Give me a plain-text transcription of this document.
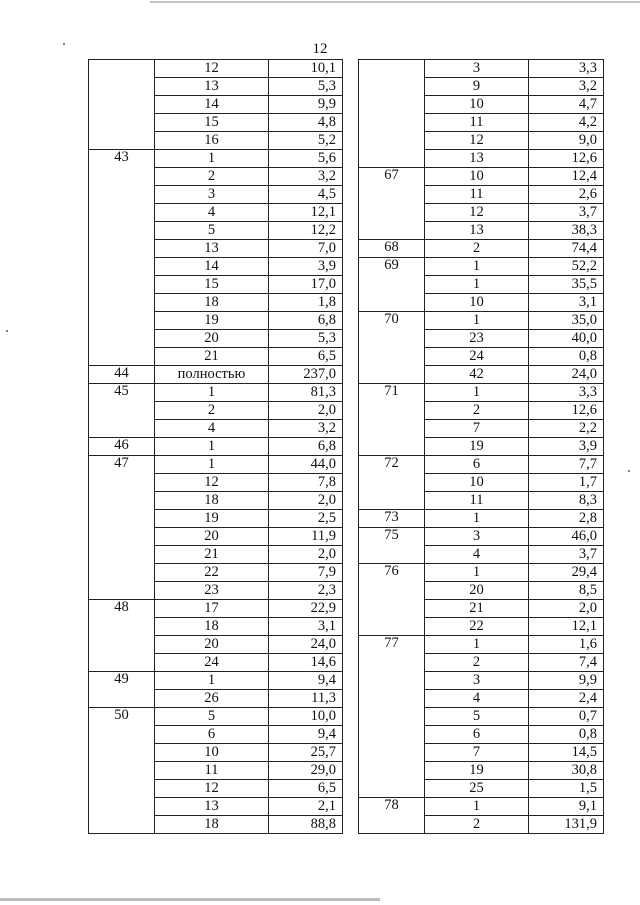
12
	12	10,1
	13	5,3
	14	9,9
	15	4,8
	16	5,2
43	1	5,6
	2	3,2
	3	4,5
	4	12,1
	5	12,2
	13	7,0
	14	3,9
	15	17,0
	18	1,8
	19	6,8
	20	5,3
	21	6,5
44	полностью	237,0
45	1	81,3
	2	2,0
	4	3,2
46	1	6,8
47	1	44,0
	12	7,8
	18	2,0
	19	2,5
	20	11,9
	21	2,0
	22	7,9
	23	2,3
48	17	22,9
	18	3,1
	20	24,0
	24	14,6
49	1	9,4
	26	11,3
50	5	10,0
	6	9,4
	10	25,7
	11	29,0
	12	6,5
	13	2,1
	18	88,8
	3	3,3
	9	3,2
	10	4,7
	11	4,2
	12	9,0
	13	12,6
67	10	12,4
	11	2,6
	12	3,7
	13	38,3
68	2	74,4
69	1	52,2
	1	35,5
	10	3,1
70	1	35,0
	23	40,0
	24	0,8
	42	24,0
71	1	3,3
	2	12,6
	7	2,2
	19	3,9
72	6	7,7
	10	1,7
	11	8,3
73	1	2,8
75	3	46,0
	4	3,7
76	1	29,4
	20	8,5
	21	2,0
	22	12,1
77	1	1,6
	2	7,4
	3	9,9
	4	2,4
	5	0,7
	6	0,8
	7	14,5
	19	30,8
	25	1,5
78	1	9,1
	2	131,9
